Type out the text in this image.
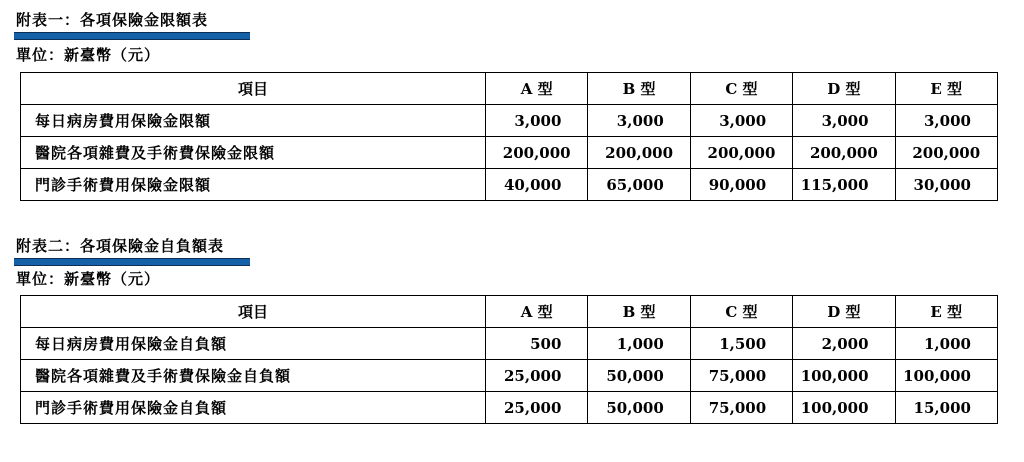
附表一：各項保險金限額表
單位：新臺幣（元）
項目	A 型	B 型	C 型	D 型	E 型
每日病房費用保險金限額	3,000	3,000	3,000	3,000	3,000
醫院各項雜費及手術費保險金限額	200,000	200,000	200,000	200,000	200,000
門診手術費用保險金限額	40,000	65,000	90,000	115,000	30,000
附表二：各項保險金自負額表
單位：新臺幣（元）
項目	A 型	B 型	C 型	D 型	E 型
每日病房費用保險金自負額	500	1,000	1,500	2,000	1,000
醫院各項雜費及手術費保險金自負額	25,000	50,000	75,000	100,000	100,000
門診手術費用保險金自負額	25,000	50,000	75,000	100,000	15,000
